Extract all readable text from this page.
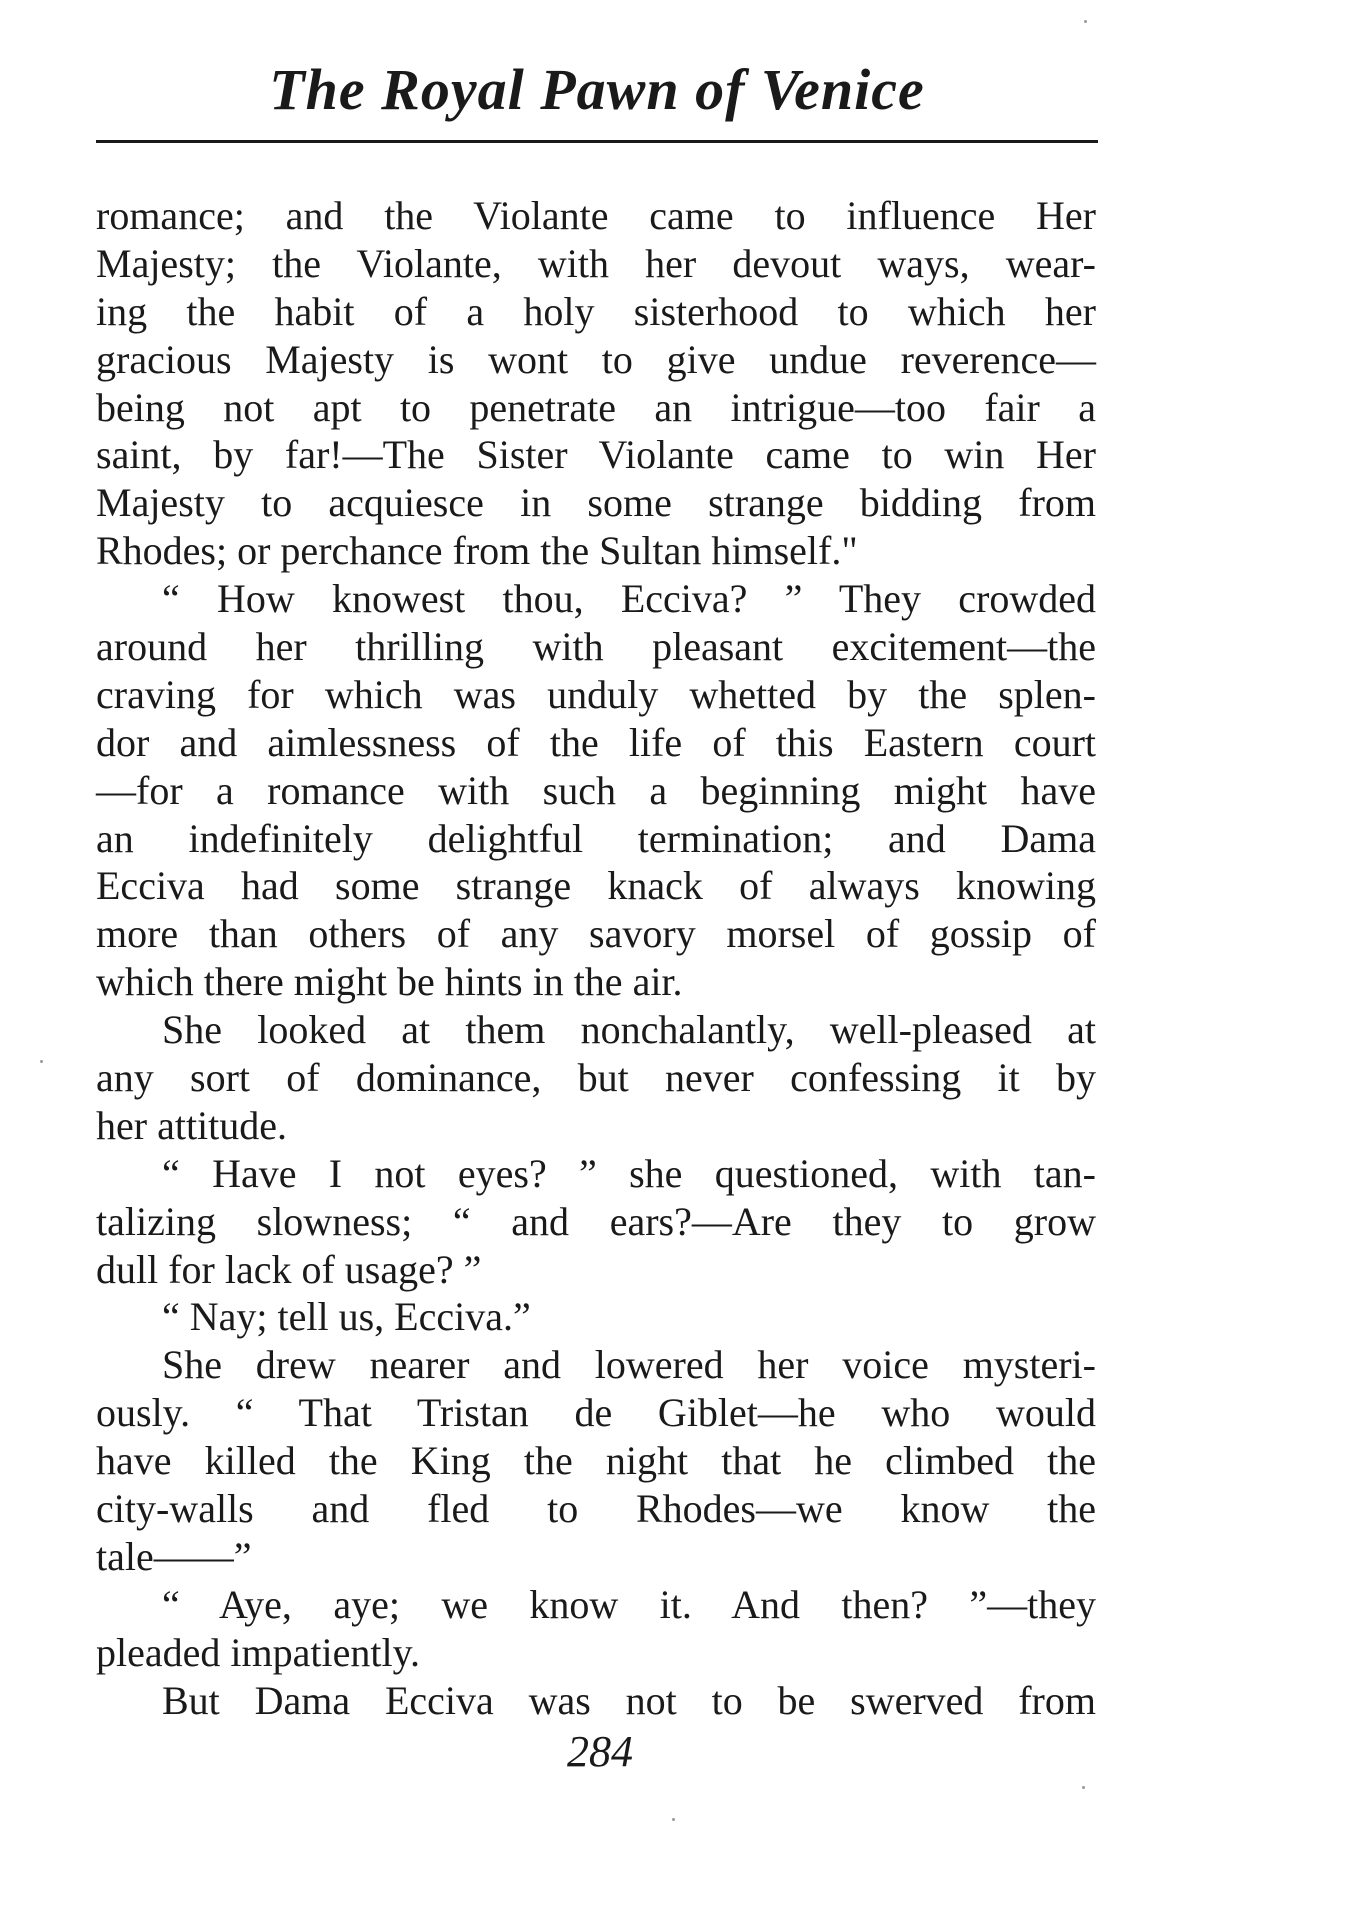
The Royal Pawn of Venice
romance; and the Violante came to influence Her
Majesty; the Violante, with her devout ways, wear-
ing the habit of a holy sisterhood to which her
gracious Majesty is wont to give undue reverence—
being not apt to penetrate an intrigue—too fair a
saint, by far!—The Sister Violante came to win Her
Majesty to acquiesce in some strange bidding from
Rhodes; or perchance from the Sultan himself."
“ How knowest thou, Ecciva? ” They crowded
around her thrilling with pleasant excitement—the
craving for which was unduly whetted by the splen-
dor and aimlessness of the life of this Eastern court
—for a romance with such a beginning might have
an indefinitely delightful termination; and Dama
Ecciva had some strange knack of always knowing
more than others of any savory morsel of gossip of
which there might be hints in the air.
She looked at them nonchalantly, well-pleased at
any sort of dominance, but never confessing it by
her attitude.
“ Have I not eyes? ” she questioned, with tan-
talizing slowness; “ and ears?—Are they to grow
dull for lack of usage? ”
“ Nay; tell us, Ecciva.”
She drew nearer and lowered her voice mysteri-
ously. “ That Tristan de Giblet—he who would
have killed the King the night that he climbed the
city-walls and fled to Rhodes—we know the
tale——”
“ Aye, aye; we know it. And then? ”—they
pleaded impatiently.
But Dama Ecciva was not to be swerved from
284
